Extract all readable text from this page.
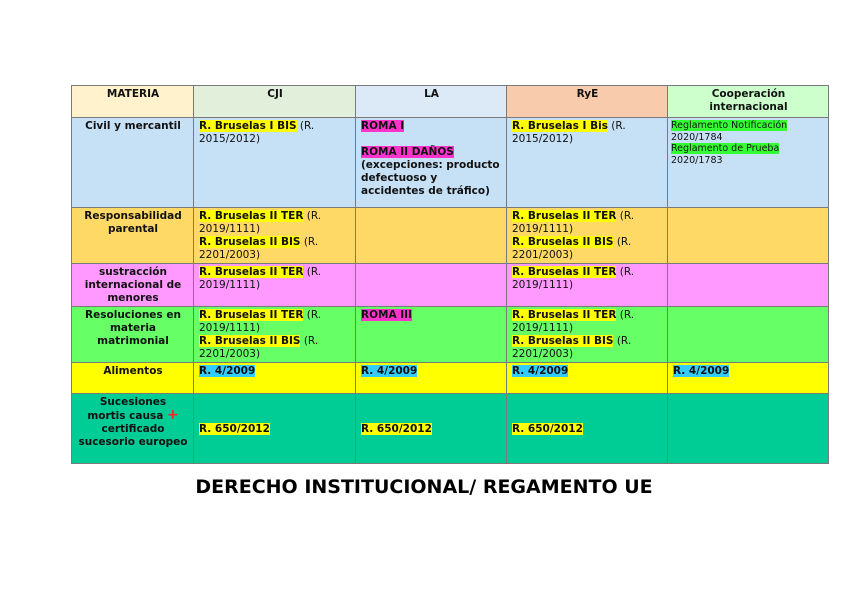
MATERIA	CJI	LA	RyE	Cooperación
internacional
Civil y mercantil	R. Bruselas I BIS (R. 2015/2012)	ROMA I
ROMA II DAÑOS
(excepciones: producto defectuoso y accidentes de tráfico)	R. Bruselas I Bis (R. 2015/2012)	Reglamento Notificación
2020/1784
Reglamento de Prueba
2020/1783
Responsabilidad parental	R. Bruselas II TER (R. 2019/1111)
R. Bruselas II BIS (R. 2201/2003)		R. Bruselas II TER (R. 2019/1111)
R. Bruselas II BIS (R. 2201/2003)	
sustracción internacional de menores	R. Bruselas II TER (R. 2019/1111)		R. Bruselas II TER (R. 2019/1111)	
Resoluciones en materia matrimonial	R. Bruselas II TER (R. 2019/1111)
R. Bruselas II BIS (R. 2201/2003)	ROMA III	R. Bruselas II TER (R. 2019/1111)
R. Bruselas II BIS (R. 2201/2003)	
Alimentos	R. 4/2009	R. 4/2009	R. 4/2009	R. 4/2009
Sucesiones
mortis causa +
certificado sucesorio europeo	R. 650/2012	R. 650/2012	R. 650/2012	
DERECHO INSTITUCIONAL/ REGAMENTO UE
